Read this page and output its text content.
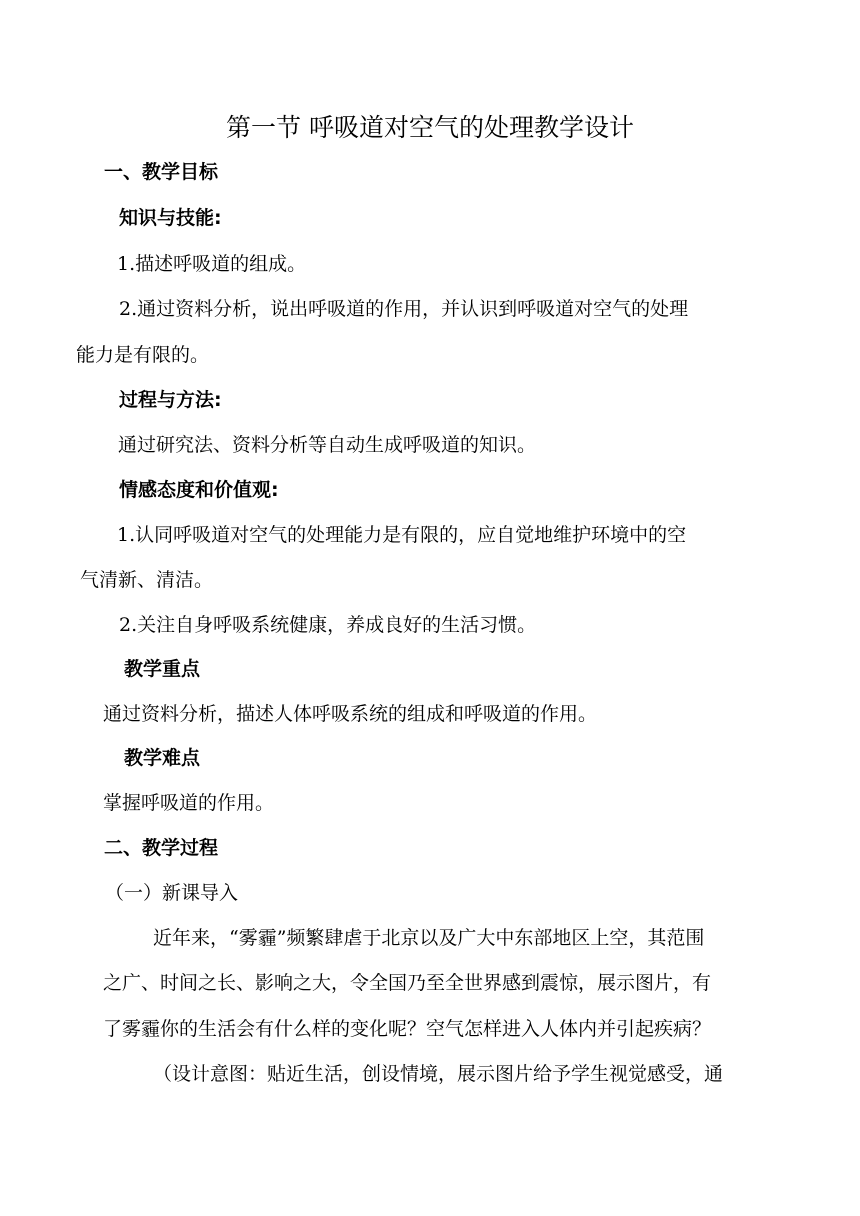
第一节 呼吸道对空气的处理教学设计
一、教学目标
知识与技能:
1.描述呼吸道的组成。
2.通过资料分析，说出呼吸道的作用，并认识到呼吸道对空气的处理
能力是有限的。
过程与方法:
通过研究法、资料分析等自动生成呼吸道的知识。
情感态度和价值观:
1.认同呼吸道对空气的处理能力是有限的，应自觉地维护环境中的空
气清新、清洁。
2.关注自身呼吸系统健康，养成良好的生活习惯。
教学重点
通过资料分析，描述人体呼吸系统的组成和呼吸道的作用。
教学难点
掌握呼吸道的作用。
二、教学过程
（一）新课导入
近年来，“雾霾”频繁肆虐于北京以及广大中东部地区上空，其范围
之广、时间之长、影响之大，令全国乃至全世界感到震惊，展示图片，有
了雾霾你的生活会有什么样的变化呢？空气怎样进入人体内并引起疾病？
（设计意图：贴近生活，创设情境，展示图片给予学生视觉感受，通
